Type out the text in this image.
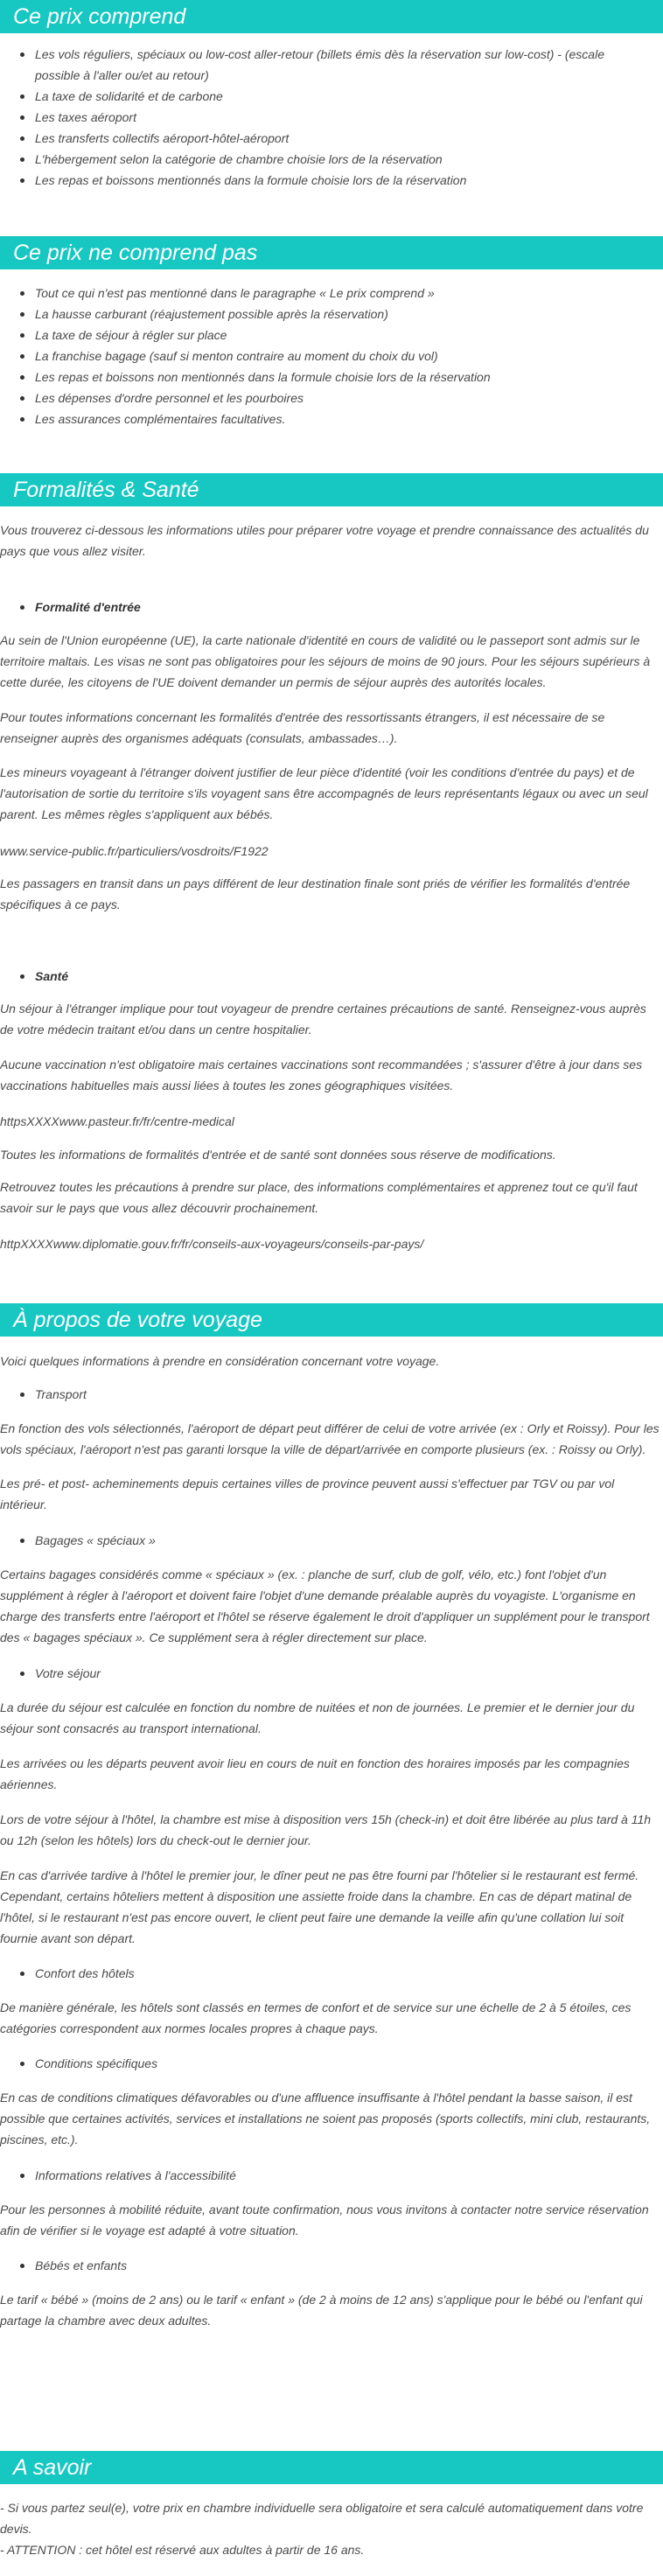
Ce prix comprend
Les vols réguliers, spéciaux ou low-cost aller-retour (billets émis dès la réservation sur low-cost) - (escale possible à l'aller ou/et au retour)
La taxe de solidarité et de carbone
Les taxes aéroport
Les transferts collectifs aéroport-hôtel-aéroport
L'hébergement selon la catégorie de chambre choisie lors de la réservation
Les repas et boissons mentionnés dans la formule choisie lors de la réservation
Ce prix ne comprend pas
Tout ce qui n'est pas mentionné dans le paragraphe « Le prix comprend »
La hausse carburant (réajustement possible après la réservation)
La taxe de séjour à régler sur place
La franchise bagage (sauf si menton contraire au moment du choix du vol)
Les repas et boissons non mentionnés dans la formule choisie lors de la réservation
Les dépenses d'ordre personnel et les pourboires
Les assurances complémentaires facultatives.
Formalités & Santé
Vous trouverez ci-dessous les informations utiles pour préparer votre voyage et prendre connaissance des actualités du pays que vous allez visiter.
Formalité d'entrée
Au sein de l'Union européenne (UE), la carte nationale d'identité en cours de validité ou le passeport sont admis sur le territoire maltais. Les visas ne sont pas obligatoires pour les séjours de moins de 90 jours. Pour les séjours supérieurs à cette durée, les citoyens de l'UE doivent demander un permis de séjour auprès des autorités locales.
Pour toutes informations concernant les formalités d'entrée des ressortissants étrangers, il est nécessaire de se renseigner auprès des organismes adéquats (consulats, ambassades…).
Les mineurs voyageant à l'étranger doivent justifier de leur pièce d'identité (voir les conditions d'entrée du pays) et de l'autorisation de sortie du territoire s'ils voyagent sans être accompagnés de leurs représentants légaux ou avec un seul parent. Les mêmes règles s'appliquent aux bébés.
www.service-public.fr/particuliers/vosdroits/F1922
Les passagers en transit dans un pays différent de leur destination finale sont priés de vérifier les formalités d'entrée spécifiques à ce pays.
Santé
Un séjour à l'étranger implique pour tout voyageur de prendre certaines précautions de santé. Renseignez-vous auprès de votre médecin traitant et/ou dans un centre hospitalier.
Aucune vaccination n'est obligatoire mais certaines vaccinations sont recommandées ; s'assurer d'être à jour dans ses vaccinations habituelles mais aussi liées à toutes les zones géographiques visitées.
httpsXXXXwww.pasteur.fr/fr/centre-medical
Toutes les informations de formalités d'entrée et de santé sont données sous réserve de modifications.
Retrouvez toutes les précautions à prendre sur place, des informations complémentaires et apprenez tout ce qu'il faut savoir sur le pays que vous allez découvrir prochainement.
httpXXXXwww.diplomatie.gouv.fr/fr/conseils-aux-voyageurs/conseils-par-pays/
À propos de votre voyage
Voici quelques informations à prendre en considération concernant votre voyage.
Transport
En fonction des vols sélectionnés, l'aéroport de départ peut différer de celui de votre arrivée (ex : Orly et Roissy). Pour les vols spéciaux, l'aéroport n'est pas garanti lorsque la ville de départ/arrivée en comporte plusieurs (ex. : Roissy ou Orly).
Les pré- et post- acheminements depuis certaines villes de province peuvent aussi s'effectuer par TGV ou par vol intérieur.
Bagages « spéciaux »
Certains bagages considérés comme « spéciaux » (ex. : planche de surf, club de golf, vélo, etc.) font l'objet d'un supplément à régler à l'aéroport et doivent faire l'objet d'une demande préalable auprès du voyagiste. L'organisme en charge des transferts entre l'aéroport et l'hôtel se réserve également le droit d'appliquer un supplément pour le transport des « bagages spéciaux ». Ce supplément sera à régler directement sur place.
Votre séjour
La durée du séjour est calculée en fonction du nombre de nuitées et non de journées. Le premier et le dernier jour du séjour sont consacrés au transport international.
Les arrivées ou les départs peuvent avoir lieu en cours de nuit en fonction des horaires imposés par les compagnies aériennes.
Lors de votre séjour à l'hôtel, la chambre est mise à disposition vers 15h (check-in) et doit être libérée au plus tard à 11h ou 12h (selon les hôtels) lors du check-out le dernier jour.
En cas d'arrivée tardive à l'hôtel le premier jour, le dîner peut ne pas être fourni par l'hôtelier si le restaurant est fermé. Cependant, certains hôteliers mettent à disposition une assiette froide dans la chambre. En cas de départ matinal de l'hôtel, si le restaurant n'est pas encore ouvert, le client peut faire une demande la veille afin qu'une collation lui soit fournie avant son départ.
Confort des hôtels
De manière générale, les hôtels sont classés en termes de confort et de service sur une échelle de 2 à 5 étoiles, ces catégories correspondent aux normes locales propres à chaque pays.
Conditions spécifiques
En cas de conditions climatiques défavorables ou d'une affluence insuffisante à l'hôtel pendant la basse saison, il est possible que certaines activités, services et installations ne soient pas proposés (sports collectifs, mini club, restaurants, piscines, etc.).
Informations relatives à l'accessibilité
Pour les personnes à mobilité réduite, avant toute confirmation, nous vous invitons à contacter notre service réservation afin de vérifier si le voyage est adapté à votre situation.
Bébés et enfants
Le tarif « bébé » (moins de 2 ans) ou le tarif « enfant » (de 2 à moins de 12 ans) s'applique pour le bébé ou l'enfant qui partage la chambre avec deux adultes.
A savoir
- Si vous partez seul(e), votre prix en chambre individuelle sera obligatoire et sera calculé automatiquement dans votre devis.
- ATTENTION : cet hôtel est réservé aux adultes à partir de 16 ans.
